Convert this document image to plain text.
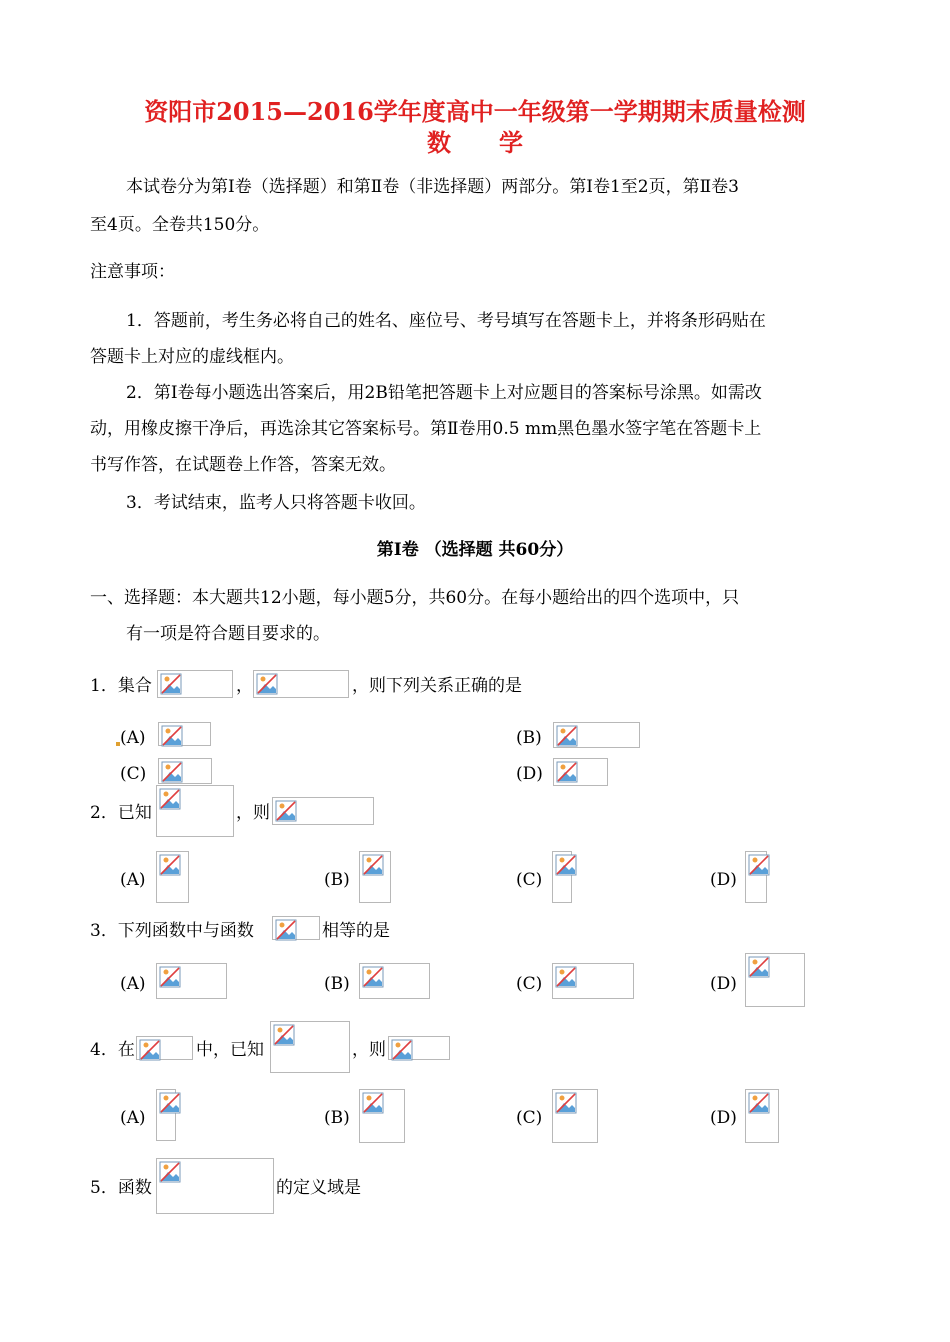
资阳市2015—2016学年度高中一年级第一学期期末质量检测
数　　学
本试卷分为第Ⅰ卷（选择题）和第Ⅱ卷（非选择题）两部分。第Ⅰ卷1至2页，第Ⅱ卷3
至4页。全卷共150分。
注意事项：
1．答题前，考生务必将自己的姓名、座位号、考号填写在答题卡上，并将条形码贴在
答题卡上对应的虚线框内。
2．第Ⅰ卷每小题选出答案后，用2B铅笔把答题卡上对应题目的答案标号涂黑。如需改
动，用橡皮擦干净后，再选涂其它答案标号。第Ⅱ卷用0.5 mm黑色墨水签字笔在答题卡上
书写作答，在试题卷上作答，答案无效。
3．考试结束，监考人只将答题卡收回。
第Ⅰ卷 （选择题 共60分）
一、选择题：本大题共12小题，每小题5分，共60分。在每小题给出的四个选项中，只
有一项是符合题目要求的。
1．集合	，	，则下列关系正确的是
(A)	(B)
(C)	(D)
2．已知	，则
(A)	(B)	(C)	(D)
3．下列函数中与函数	相等的是
(A)	(B)	(C)	(D)
4．在	中，已知	，则
(A)	(B)	(C)	(D)
5．函数	的定义域是
